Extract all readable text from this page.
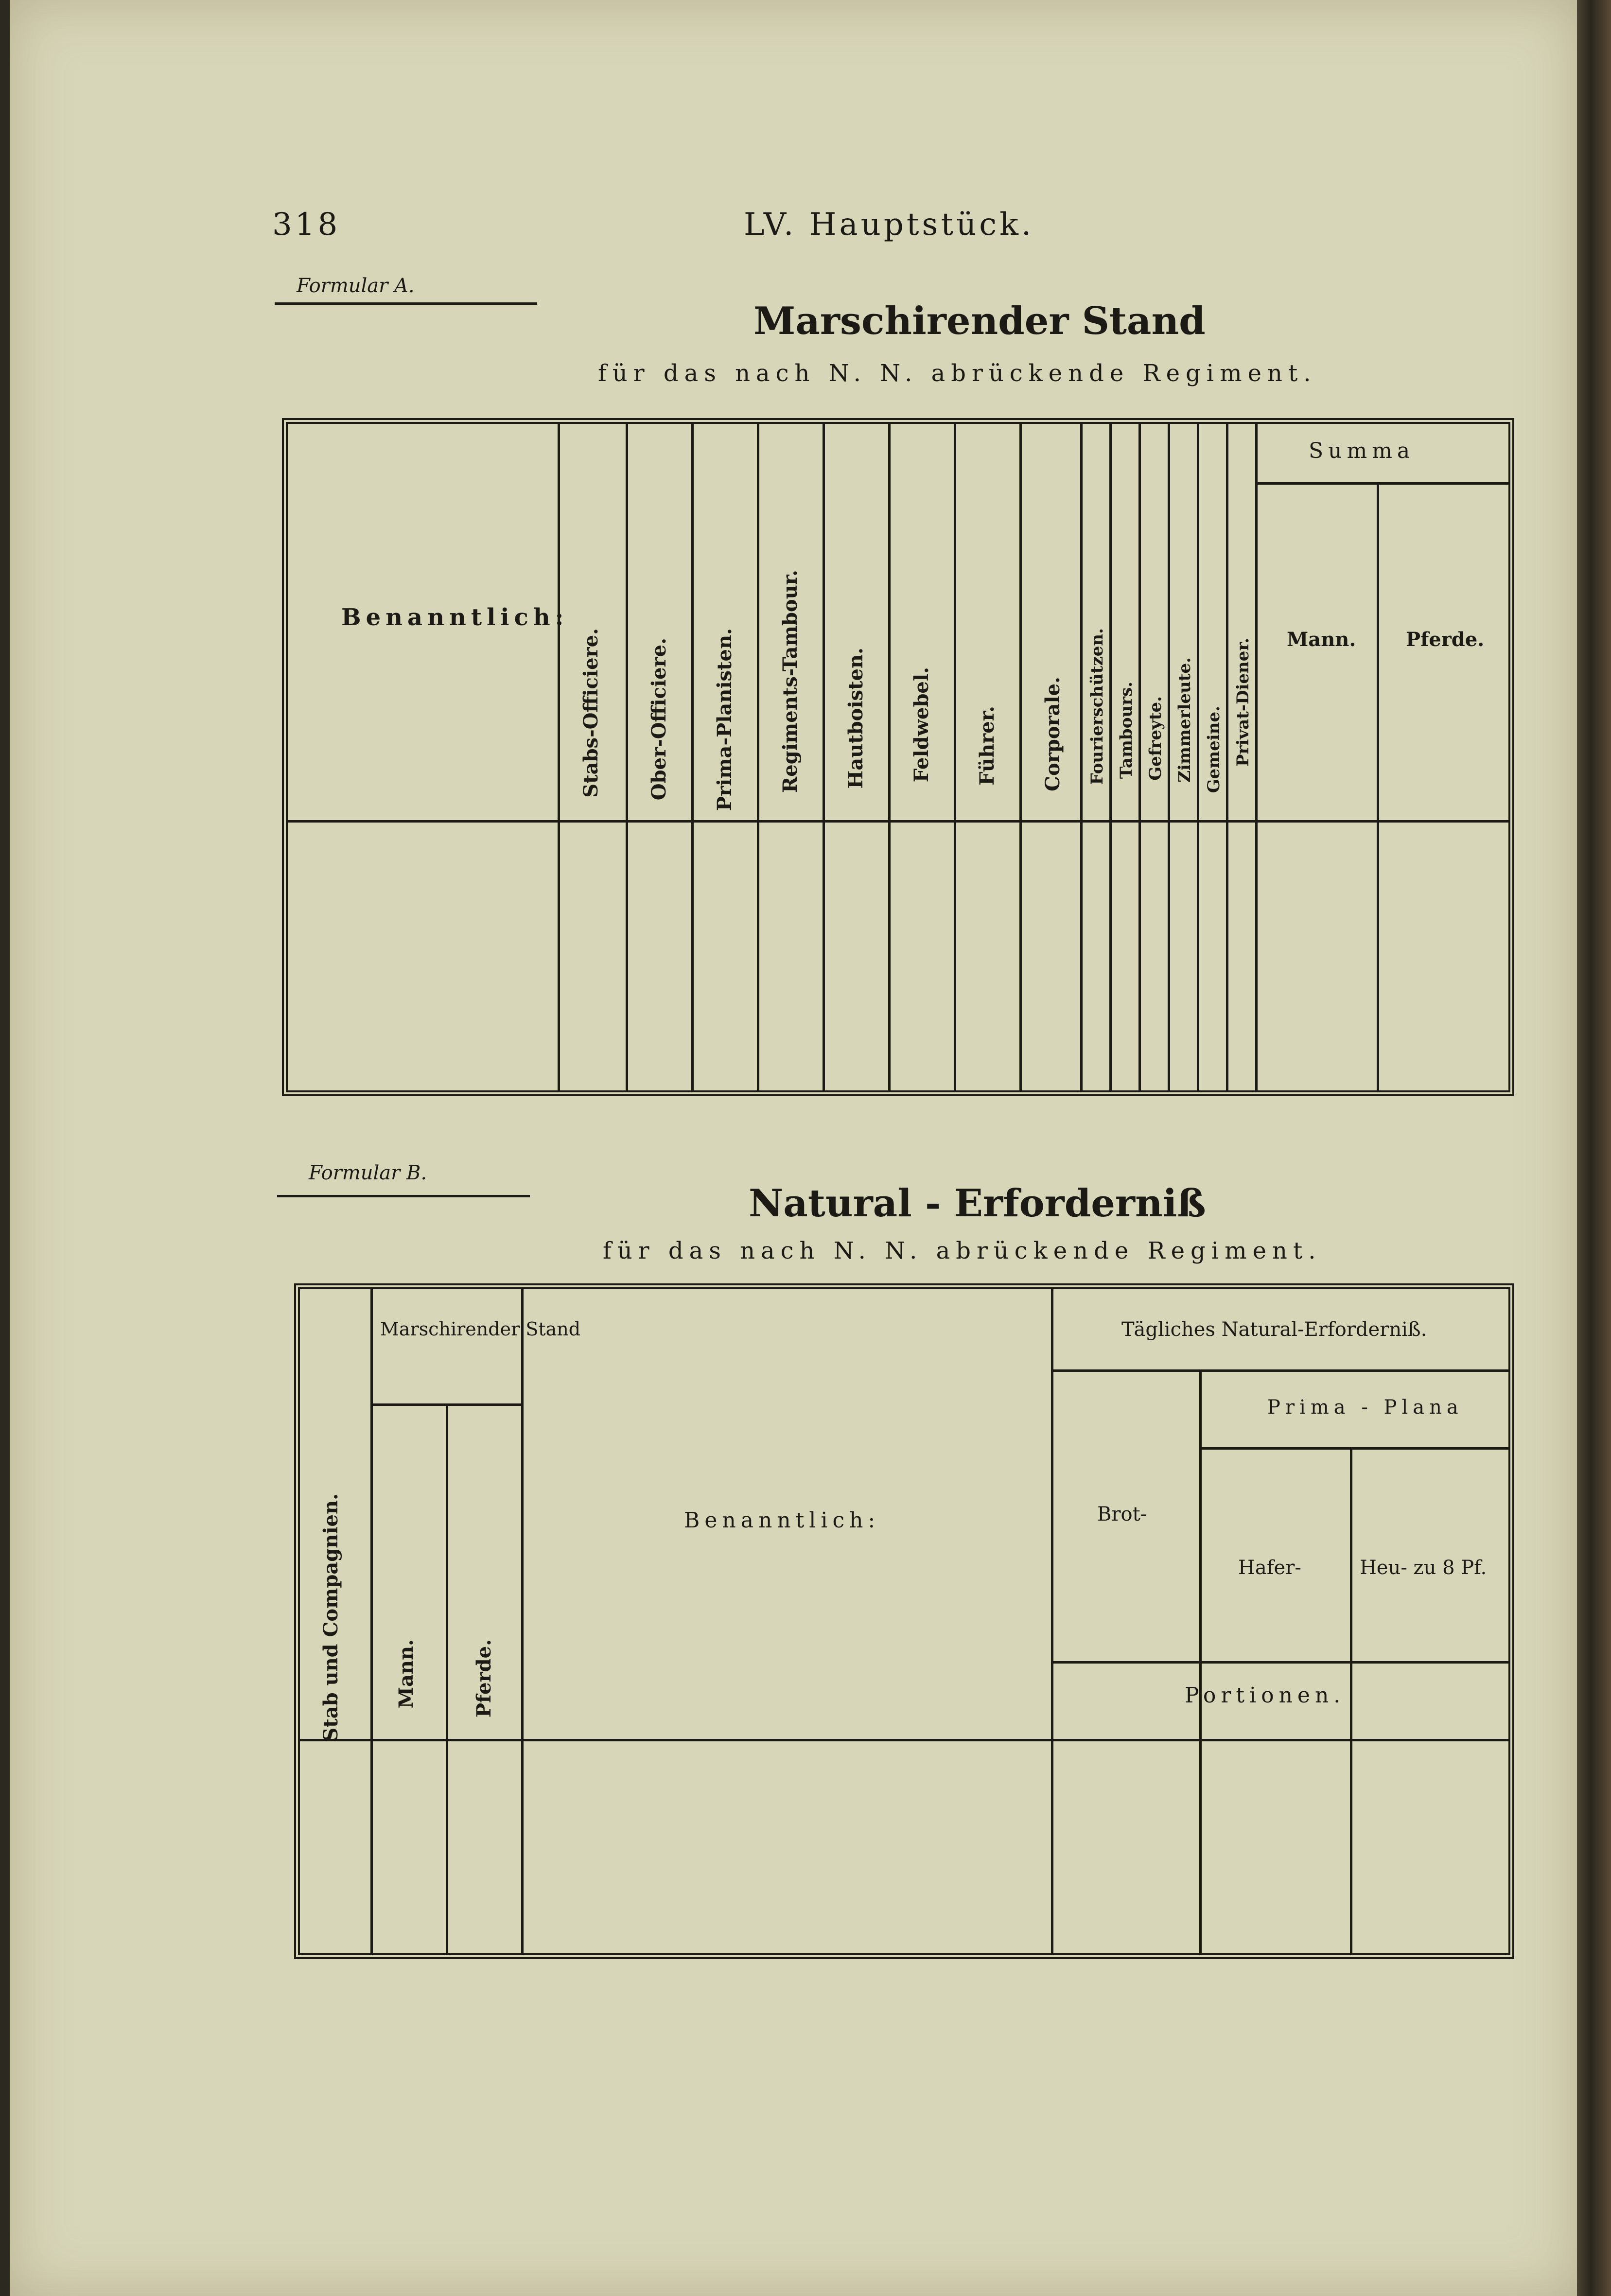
318	LV. Hauptstück.
Formular A.
Marschirender Stand
für das nach N. N. abrückende Regiment.
Benanntlich:
Stabs-Officiere. Ober-Officiere. Prima-Planisten. Regiments-Tambour. Hautboisten. Feldwebel. Führer. Corporale. Fourierschützen. Tambours. Gefreyte. Zimmerleute. Gemeine. Privat-Diener.
Summa
Mann.	Pferde.
Formular B.
Natural - Erforderniß
für das nach N. N. abrückende Regiment.
Stab und Compagnien.
Marschirender Stand
Mann.	Pferde.
Benanntlich:
Tägliches Natural-Erforderniß.
Prima - Plana
Brot-
Hafer-	Heu- zu 8 Pf.
Portionen.
